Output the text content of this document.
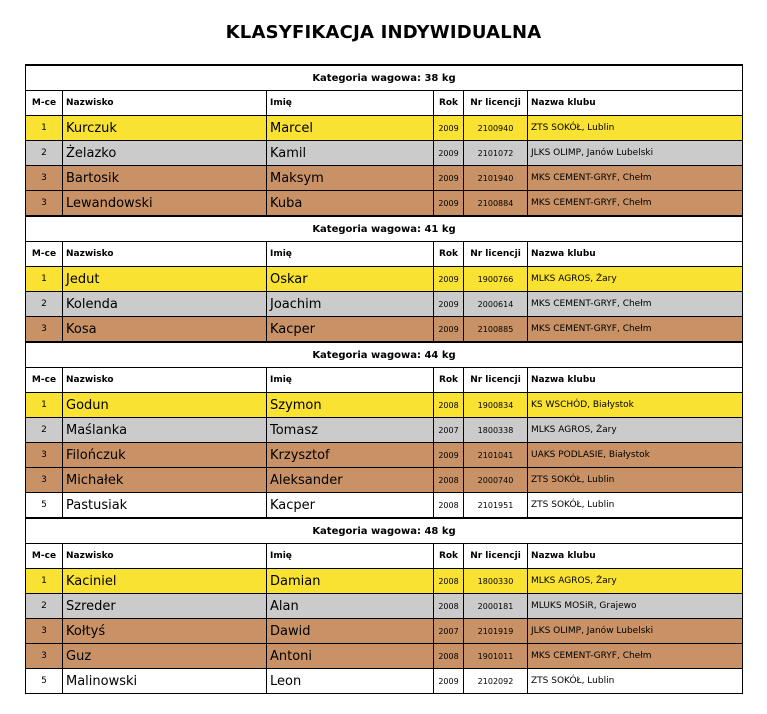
KLASYFIKACJA INDYWIDUALNA
Kategoria wagowa: 38 kg					
M-ce	Nazwisko	Imię	Rok	Nr licencji	Nazwa klubu
1	Kurczuk	Marcel	2009	2100940	ZTS SOKÓŁ, Lublin
2	Żelazko	Kamil	2009	2101072	JLKS OLIMP, Janów Lubelski
3	Bartosik	Maksym	2009	2101940	MKS CEMENT-GRYF, Chełm
3	Lewandowski	Kuba	2009	2100884	MKS CEMENT-GRYF, Chełm
Kategoria wagowa: 41 kg					
M-ce	Nazwisko	Imię	Rok	Nr licencji	Nazwa klubu
1	Jedut	Oskar	2009	1900766	MLKS AGROS, Żary
2	Kolenda	Joachim	2009	2000614	MKS CEMENT-GRYF, Chełm
3	Kosa	Kacper	2009	2100885	MKS CEMENT-GRYF, Chełm
Kategoria wagowa: 44 kg					
M-ce	Nazwisko	Imię	Rok	Nr licencji	Nazwa klubu
1	Godun	Szymon	2008	1900834	KS WSCHÓD, Białystok
2	Maślanka	Tomasz	2007	1800338	MLKS AGROS, Żary
3	Filończuk	Krzysztof	2009	2101041	UAKS PODLASIE, Białystok
3	Michałek	Aleksander	2008	2000740	ZTS SOKÓŁ, Lublin
5	Pastusiak	Kacper	2008	2101951	ZTS SOKÓŁ, Lublin
Kategoria wagowa: 48 kg					
M-ce	Nazwisko	Imię	Rok	Nr licencji	Nazwa klubu
1	Kaciniel	Damian	2008	1800330	MLKS AGROS, Żary
2	Szreder	Alan	2008	2000181	MLUKS MOSiR, Grajewo
3	Kołtyś	Dawid	2007	2101919	JLKS OLIMP, Janów Lubelski
3	Guz	Antoni	2008	1901011	MKS CEMENT-GRYF, Chełm
5	Malinowski	Leon	2009	2102092	ZTS SOKÓŁ, Lublin
